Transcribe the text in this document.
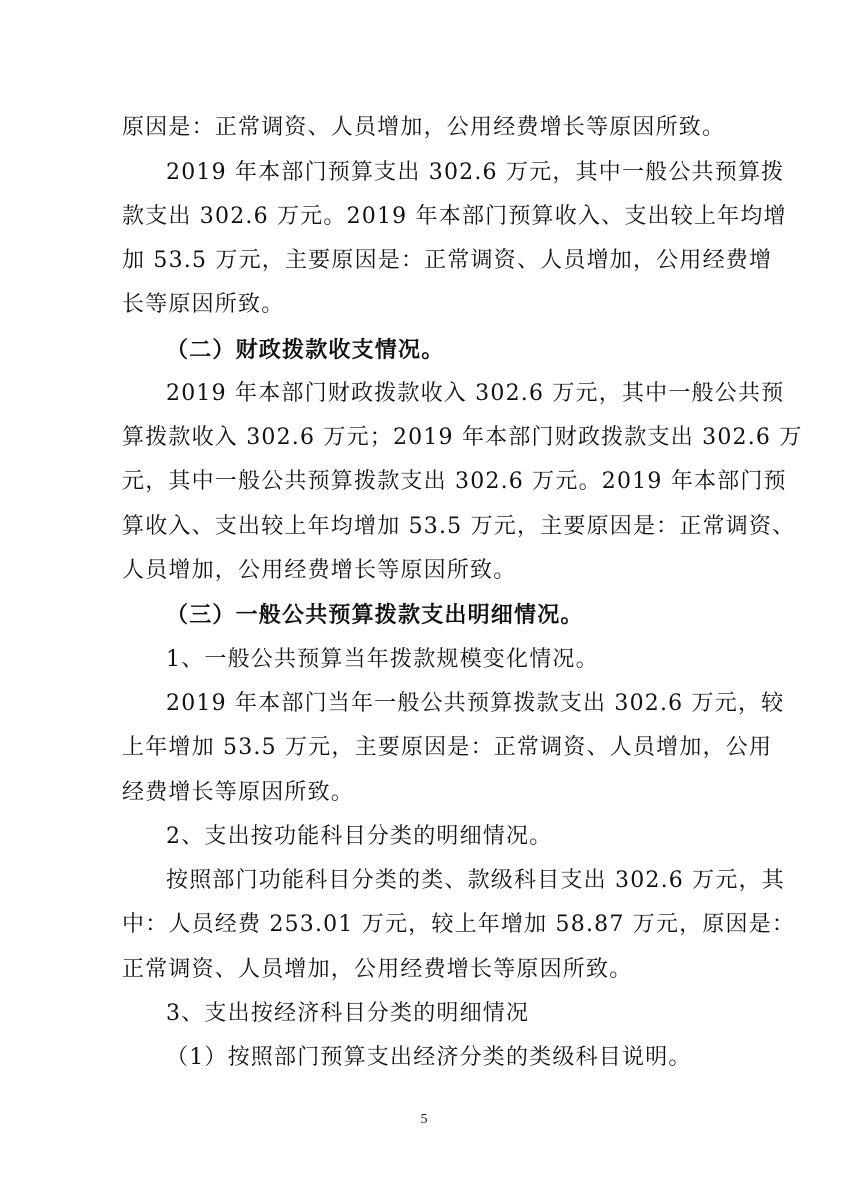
原因是：正常调资、人员增加，公用经费增长等原因所致。
2019 年本部门预算支出 302.6 万元，其中一般公共预算拨
款支出 302.6 万元。2019 年本部门预算收入、支出较上年均增
加 53.5 万元，主要原因是：正常调资、人员增加，公用经费增
长等原因所致。
（二）财政拨款收支情况。
2019 年本部门财政拨款收入 302.6 万元，其中一般公共预
算拨款收入 302.6 万元；2019 年本部门财政拨款支出 302.6 万
元，其中一般公共预算拨款支出 302.6 万元。2019 年本部门预
算收入、支出较上年均增加 53.5 万元，主要原因是：正常调资、
人员增加，公用经费增长等原因所致。
（三）一般公共预算拨款支出明细情况。
1、一般公共预算当年拨款规模变化情况。
2019 年本部门当年一般公共预算拨款支出 302.6 万元，较
上年增加 53.5 万元，主要原因是：正常调资、人员增加，公用
经费增长等原因所致。
2、支出按功能科目分类的明细情况。
按照部门功能科目分类的类、款级科目支出 302.6 万元，其
中：人员经费 253.01 万元，较上年增加 58.87 万元，原因是：
正常调资、人员增加，公用经费增长等原因所致。
3、支出按经济科目分类的明细情况
（1）按照部门预算支出经济分类的类级科目说明。
5
